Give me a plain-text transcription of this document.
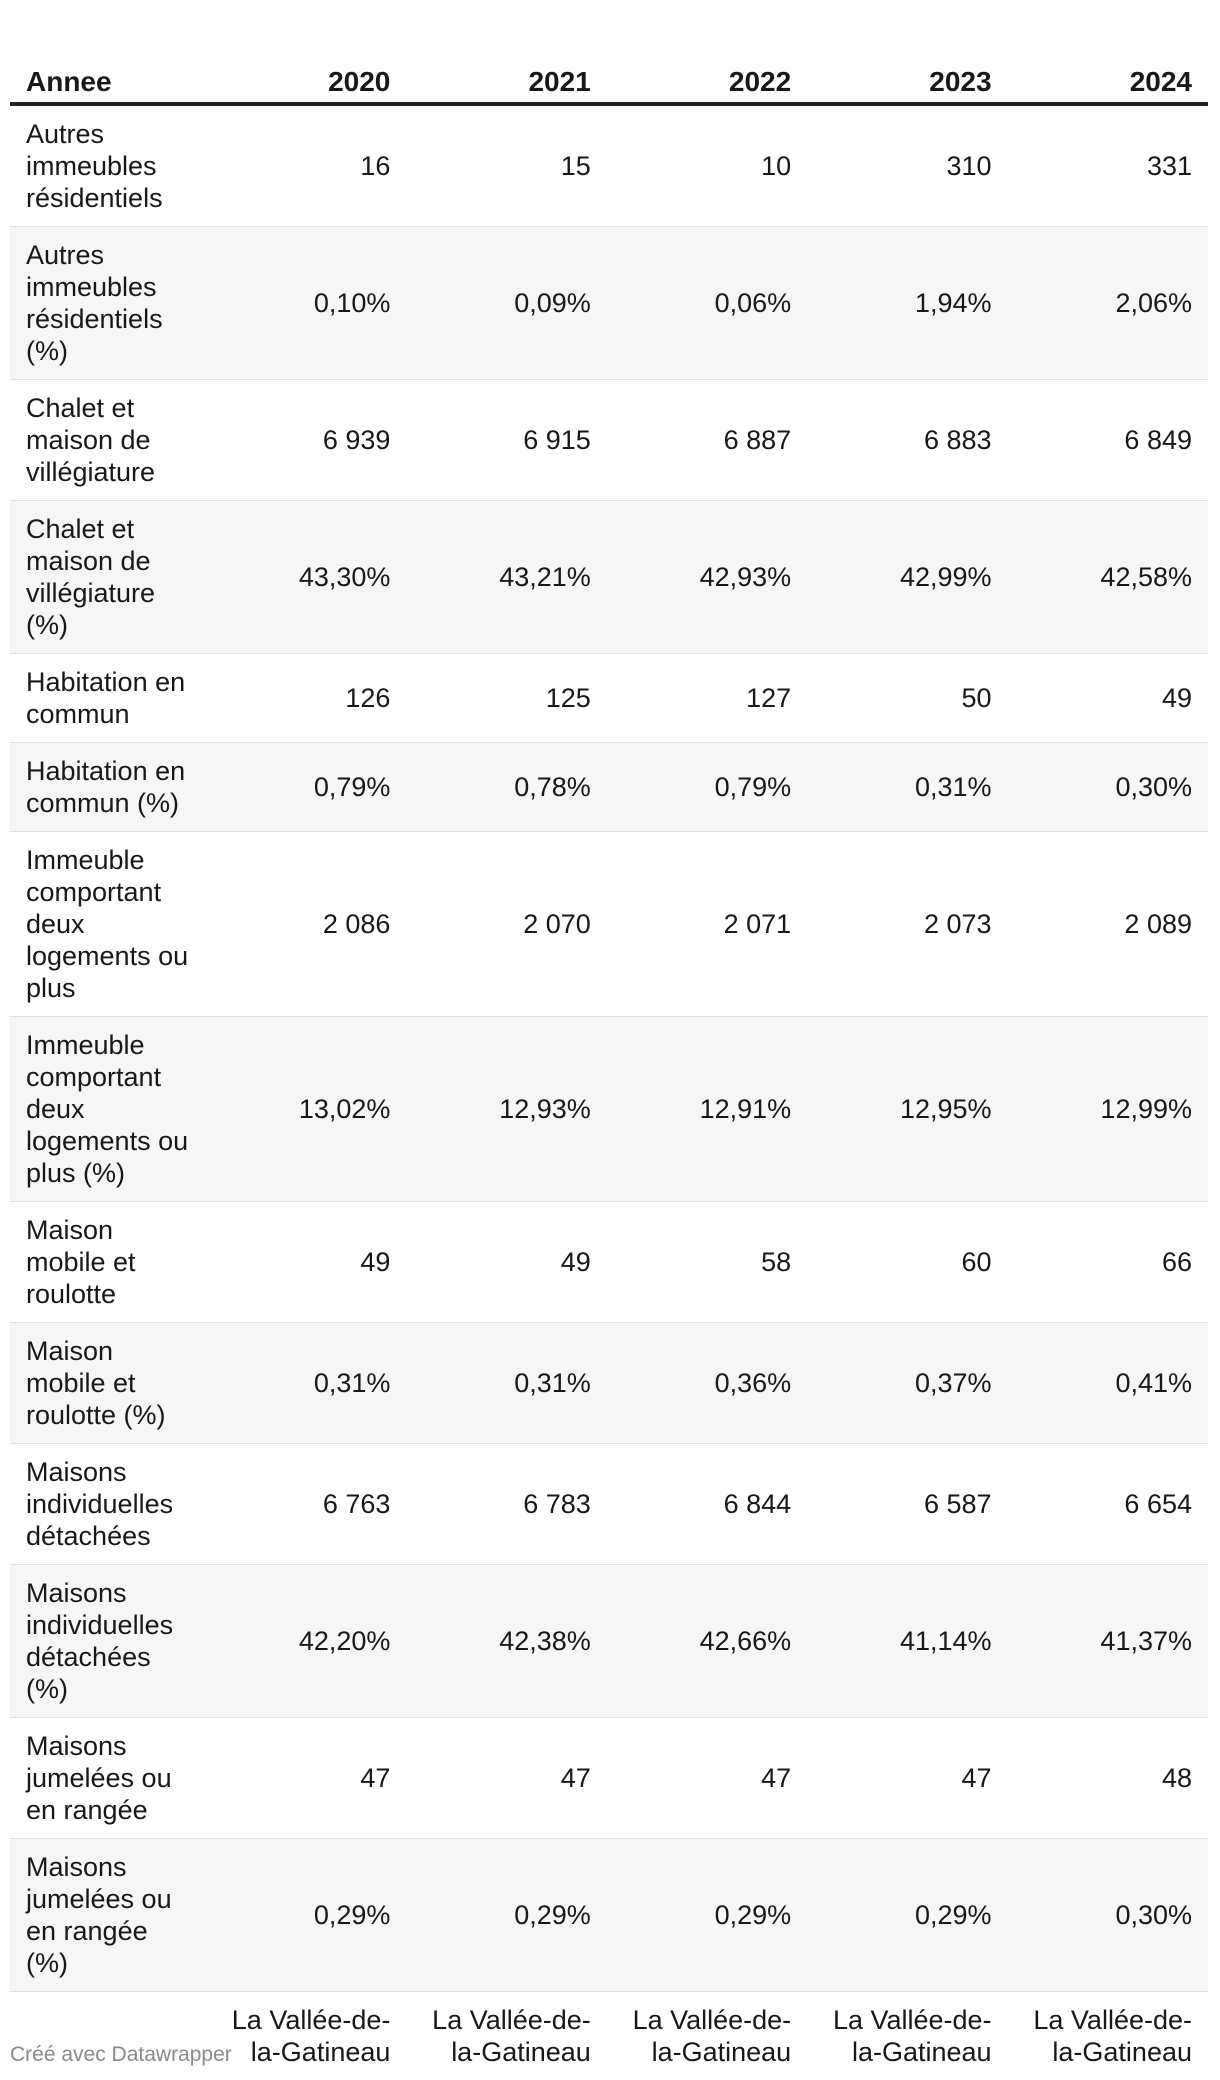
Annee	2020	2021	2022	2023	2024
Autres immeubles résidentiels	16	15	10	310	331
Autres immeubles résidentiels (%)	0,10%	0,09%	0,06%	1,94%	2,06%
Chalet et maison de villégiature	6 939	6 915	6 887	6 883	6 849
Chalet et maison de villégiature (%)	43,30%	43,21%	42,93%	42,99%	42,58%
Habitation en commun	126	125	127	50	49
Habitation en commun (%)	0,79%	0,78%	0,79%	0,31%	0,30%
Immeuble comportant deux logements ou plus	2 086	2 070	2 071	2 073	2 089
Immeuble comportant deux logements ou plus (%)	13,02%	12,93%	12,91%	12,95%	12,99%
Maison mobile et roulotte	49	49	58	60	66
Maison mobile et roulotte (%)	0,31%	0,31%	0,36%	0,37%	0,41%
Maisons individuelles détachées	6 763	6 783	6 844	6 587	6 654
Maisons individuelles détachées (%)	42,20%	42,38%	42,66%	41,14%	41,37%
Maisons jumelées ou en rangée	47	47	47	47	48
Maisons jumelées ou en rangée (%)	0,29%	0,29%	0,29%	0,29%	0,30%
	La Vallée-de-la-Gatineau	La Vallée-de-la-Gatineau	La Vallée-de-la-Gatineau	La Vallée-de-la-Gatineau	La Vallée-de-la-Gatineau
Créé avec Datawrapper
